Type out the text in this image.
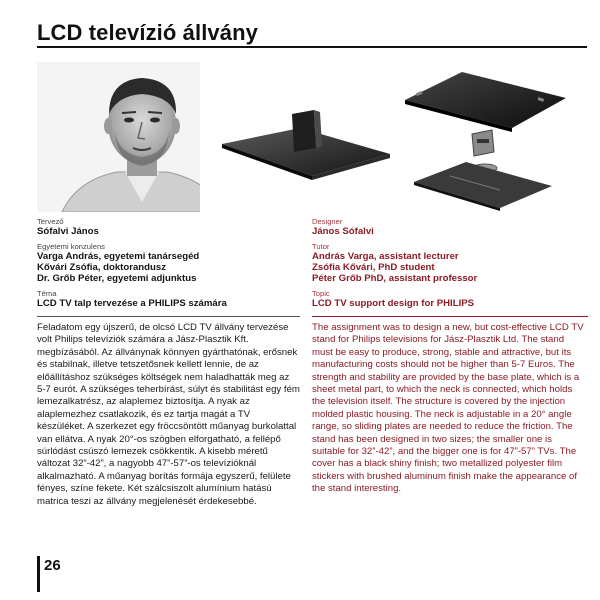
LCD televízió állvány

Tervező

Sófalvi János

Egyetemi konzulens

Varga András, egyetemi tanársegéd

Kővári Zsófia, doktorandusz

Dr. Grőb Péter, egyetemi adjunktus

Téma

LCD TV talp tervezése a PHILIPS számára

Designer

János Sófalvi

Tutor

András Varga, assistant lecturer

Zsófia Kővári, PhD student

Péter Grőb PhD, assistant professor

Topic

LCD TV support design for PHILIPS

Feladatom egy újszerű, de olcsó LCD TV állvány tervezése volt Philips televíziók számára a Jász-Plasztik Kft. megbízásából. Az állványnak könnyen gyárthatónak, erősnek és stabilnak, illetve tetszetősnek kellett lennie, de az előállításhoz szükséges költségek nem haladhatták meg az 5-7 eurót. A szükséges teherbírást, súlyt és stabilitást egy fém lemezalkatrész, az alaplemez biztosítja. A nyak az alaplemezhez csatlakozik, és ez tartja magát a TV készüléket. A szerkezet egy fröccsöntött műanyag burkolattal van ellátva. A nyak 20°-os szögben elforgatható, a fellépő súrlódást csúszó lemezek csökkentik. A kisebb méretű változat 32”-42”, a nagyobb 47”-57”-os televízióknál alkalmazható. A műanyag borítás formája egyszerű, felülete fényes, színe fekete. Két szálcsiszolt alumínium hatású matrica teszi az állvány megjelenését érdekesebbé.

The assignment was to design a new, but cost-effective LCD TV stand for Philips televisions for Jász-Plasztik Ltd. The stand must be easy to produce, strong, stable and attractive, but its manufacturing costs should not be higher than 5-7 Euros. The strength and stability are provided by the base plate, which is a sheet metal part, to which the neck is connected, which holds the television itself. The structure is covered by the injection molded plastic housing. The neck is adjustable in a 20° angle range, so sliding plates are needed to reduce the friction. The stand has been designed in two sizes; the smaller one is suitable for 32”-42”, and the bigger one is for 47”-57” TVs. The cover has a black shiny finish; two metallized polyester film stickers with brushed aluminum finish make the appearance of the stand interesting.

26
